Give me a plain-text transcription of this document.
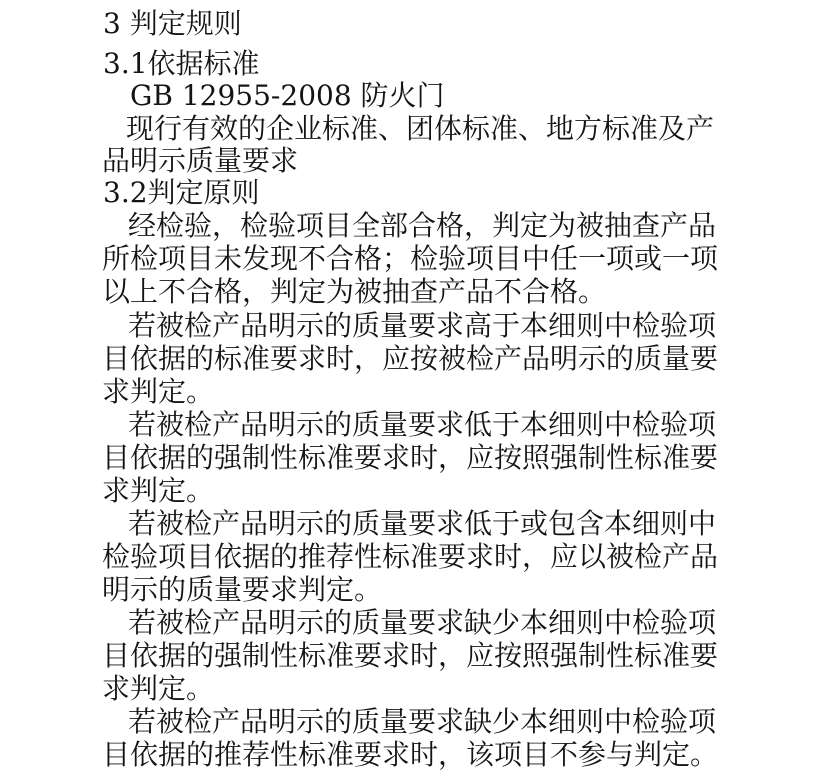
3 判定规则

3.1依据标准

GB 12955-2008 防火门

现行有效的企业标准、团体标准、地方标准及产

品明示质量要求

3.2判定原则

经检验，检验项目全部合格，判定为被抽查产品

所检项目未发现不合格；检验项目中任一项或一项

以上不合格，判定为被抽查产品不合格。

若被检产品明示的质量要求高于本细则中检验项

目依据的标准要求时，应按被检产品明示的质量要

求判定。

若被检产品明示的质量要求低于本细则中检验项

目依据的强制性标准要求时，应按照强制性标准要

求判定。

若被检产品明示的质量要求低于或包含本细则中

检验项目依据的推荐性标准要求时，应以被检产品

明示的质量要求判定。

若被检产品明示的质量要求缺少本细则中检验项

目依据的强制性标准要求时，应按照强制性标准要

求判定。

若被检产品明示的质量要求缺少本细则中检验项

目依据的推荐性标准要求时，该项目不参与判定。
